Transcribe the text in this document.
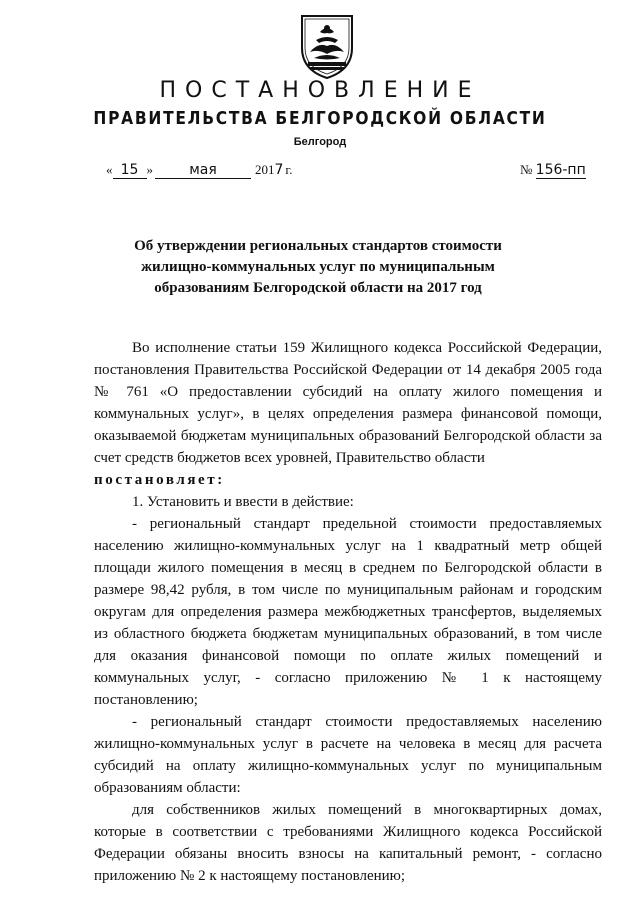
ПОСТАНОВЛЕНИЕ
ПРАВИТЕЛЬСТВА БЕЛГОРОДСКОЙ ОБЛАСТИ
Белгород
« 15 »	мая	2017 г.	№ 156-пп
Об утверждении региональных стандартов стоимости жилищно-коммунальных услуг по муниципальным образованиям Белгородской области на 2017 год

Во исполнение статьи 159 Жилищного кодекса Российской Федерации, постановления Правительства Российской Федерации от 14 декабря 2005 года № 761 «О предоставлении субсидий на оплату жилого помещения и коммунальных услуг», в целях определения размера финансовой помощи, оказываемой бюджетам муниципальных образований Белгородской области за счет средств бюджетов всех уровней, Правительство области

постановляет:

1. Установить и ввести в действие:

- региональный стандарт предельной стоимости предоставляемых населению жилищно-коммунальных услуг на 1 квадратный метр общей площади жилого помещения в месяц в среднем по Белгородской области в размере 98,42 рубля, в том числе по муниципальным районам и городским округам для определения размера межбюджетных трансфертов, выделяемых из областного бюджета бюджетам муниципальных образований, в том числе для оказания финансовой помощи по оплате жилых помещений и коммунальных услуг, - согласно приложению № 1 к настоящему постановлению;

- региональный стандарт стоимости предоставляемых населению жилищно-коммунальных услуг в расчете на человека в месяц для расчета субсидий на оплату жилищно-коммунальных услуг по муниципальным образованиям области:

для собственников жилых помещений в многоквартирных домах, которые в соответствии с требованиями Жилищного кодекса Российской Федерации обязаны вносить взносы на капитальный ремонт, - согласно приложению № 2 к настоящему постановлению;
